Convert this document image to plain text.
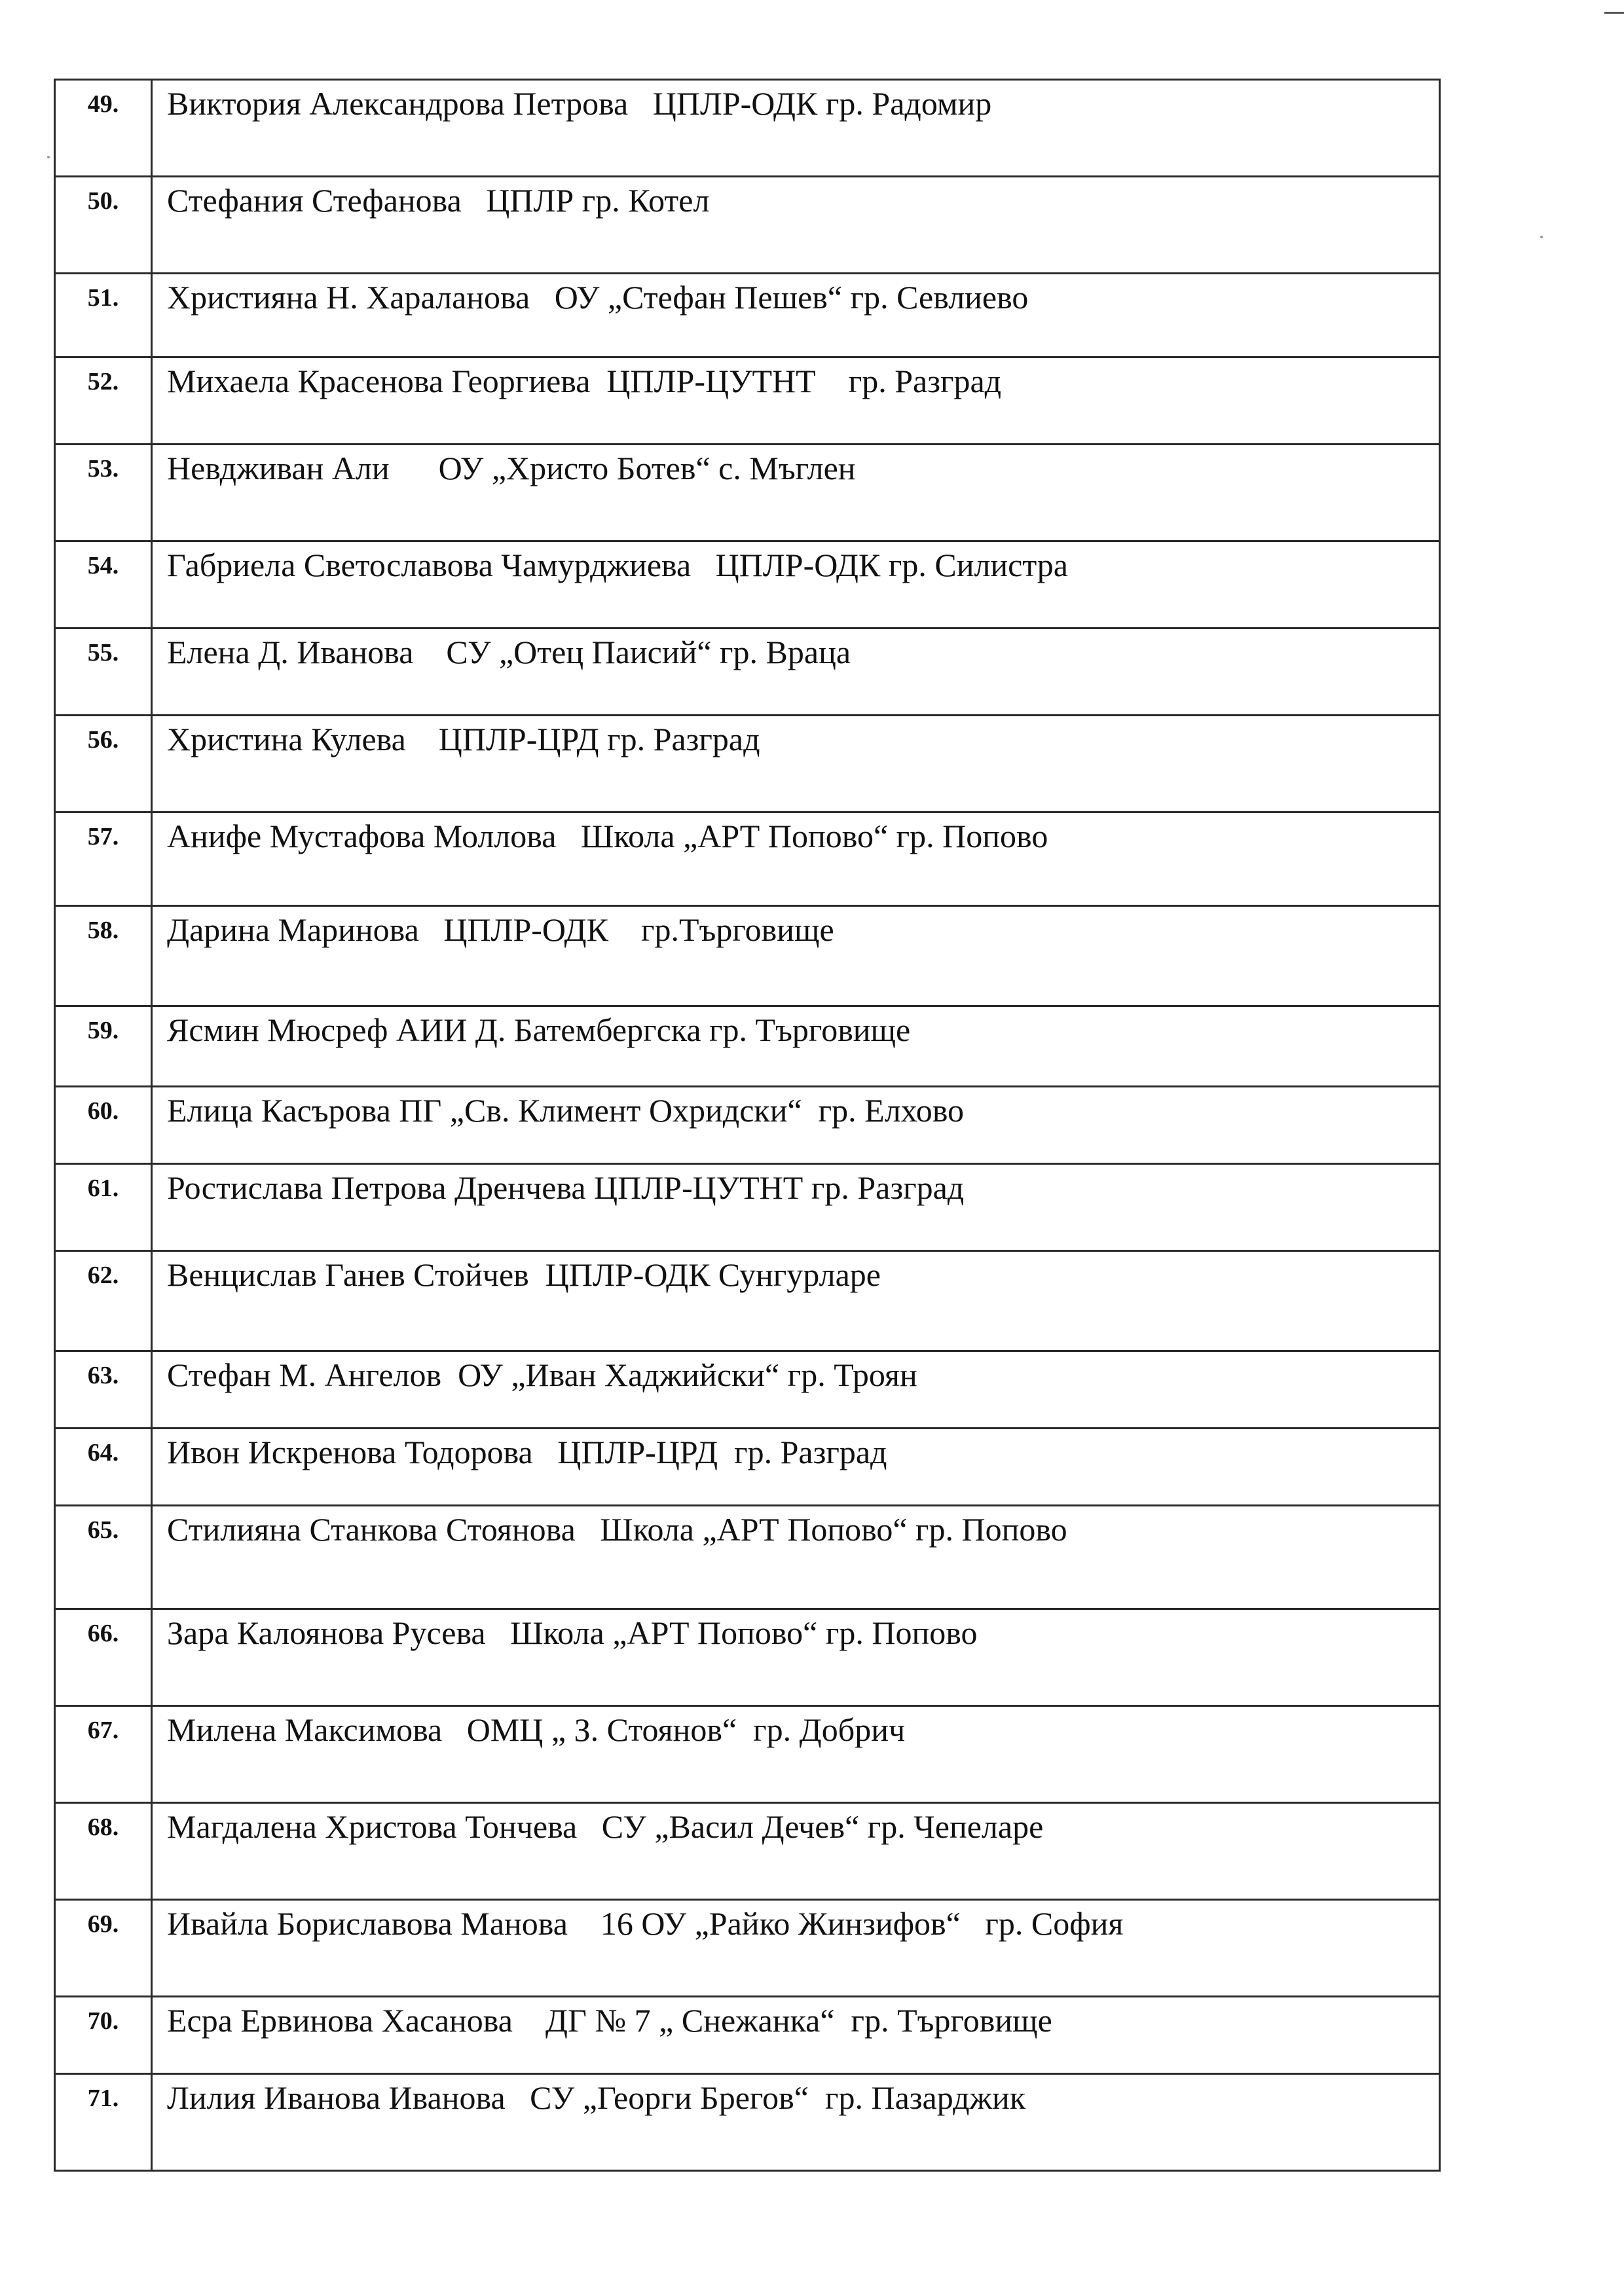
49.	Виктория Александрова Петрова   ЦПЛР-ОДК гр. Радомир
50.	Стефания Стефанова   ЦПЛР гр. Котел
51.	Християна Н. Хараланова   ОУ „Стефан Пешев“ гр. Севлиево
52.	Михаела Красенова Георгиева  ЦПЛР-ЦУТНТ    гр. Разград
53.	Невдживан Али      ОУ „Христо Ботев“ с. Мъглен
54.	Габриела Светославова Чамурджиева   ЦПЛР-ОДК гр. Силистра
55.	Елена Д. Иванова    СУ „Отец Паисий“ гр. Враца
56.	Христина Кулева    ЦПЛР-ЦРД гр. Разград
57.	Анифе Мустафова Моллова   Школа „АРТ Попово“ гр. Попово
58.	Дарина Маринова   ЦПЛР-ОДК    гр.Търговище
59.	Ясмин Мюсреф АИИ Д. Батембергска гр. Търговище
60.	Елица Касърова ПГ „Св. Климент Охридски“  гр. Елхово
61.	Ростислава Петрова Дренчева ЦПЛР-ЦУТНТ гр. Разград
62.	Венцислав Ганев Стойчев  ЦПЛР-ОДК Сунгурларе
63.	Стефан М. Ангелов  ОУ „Иван Хаджийски“ гр. Троян
64.	Ивон Искренова Тодорова   ЦПЛР-ЦРД  гр. Разград
65.	Стилияна Станкова Стоянова   Школа „АРТ Попово“ гр. Попово
66.	Зара Калоянова Русева   Школа „АРТ Попово“ гр. Попово
67.	Милена Максимова   ОМЦ „ З. Стоянов“  гр. Добрич
68.	Магдалена Христова Тончева   СУ „Васил Дечев“ гр. Чепеларе
69.	Ивайла Бориславова Манова    16 ОУ „Райко Жинзифов“   гр. София
70.	Есра Ервинова Хасанова    ДГ № 7 „ Снежанка“  гр. Търговище
71.	Лилия Иванова Иванова   СУ „Георги Брегов“  гр. Пазарджик
